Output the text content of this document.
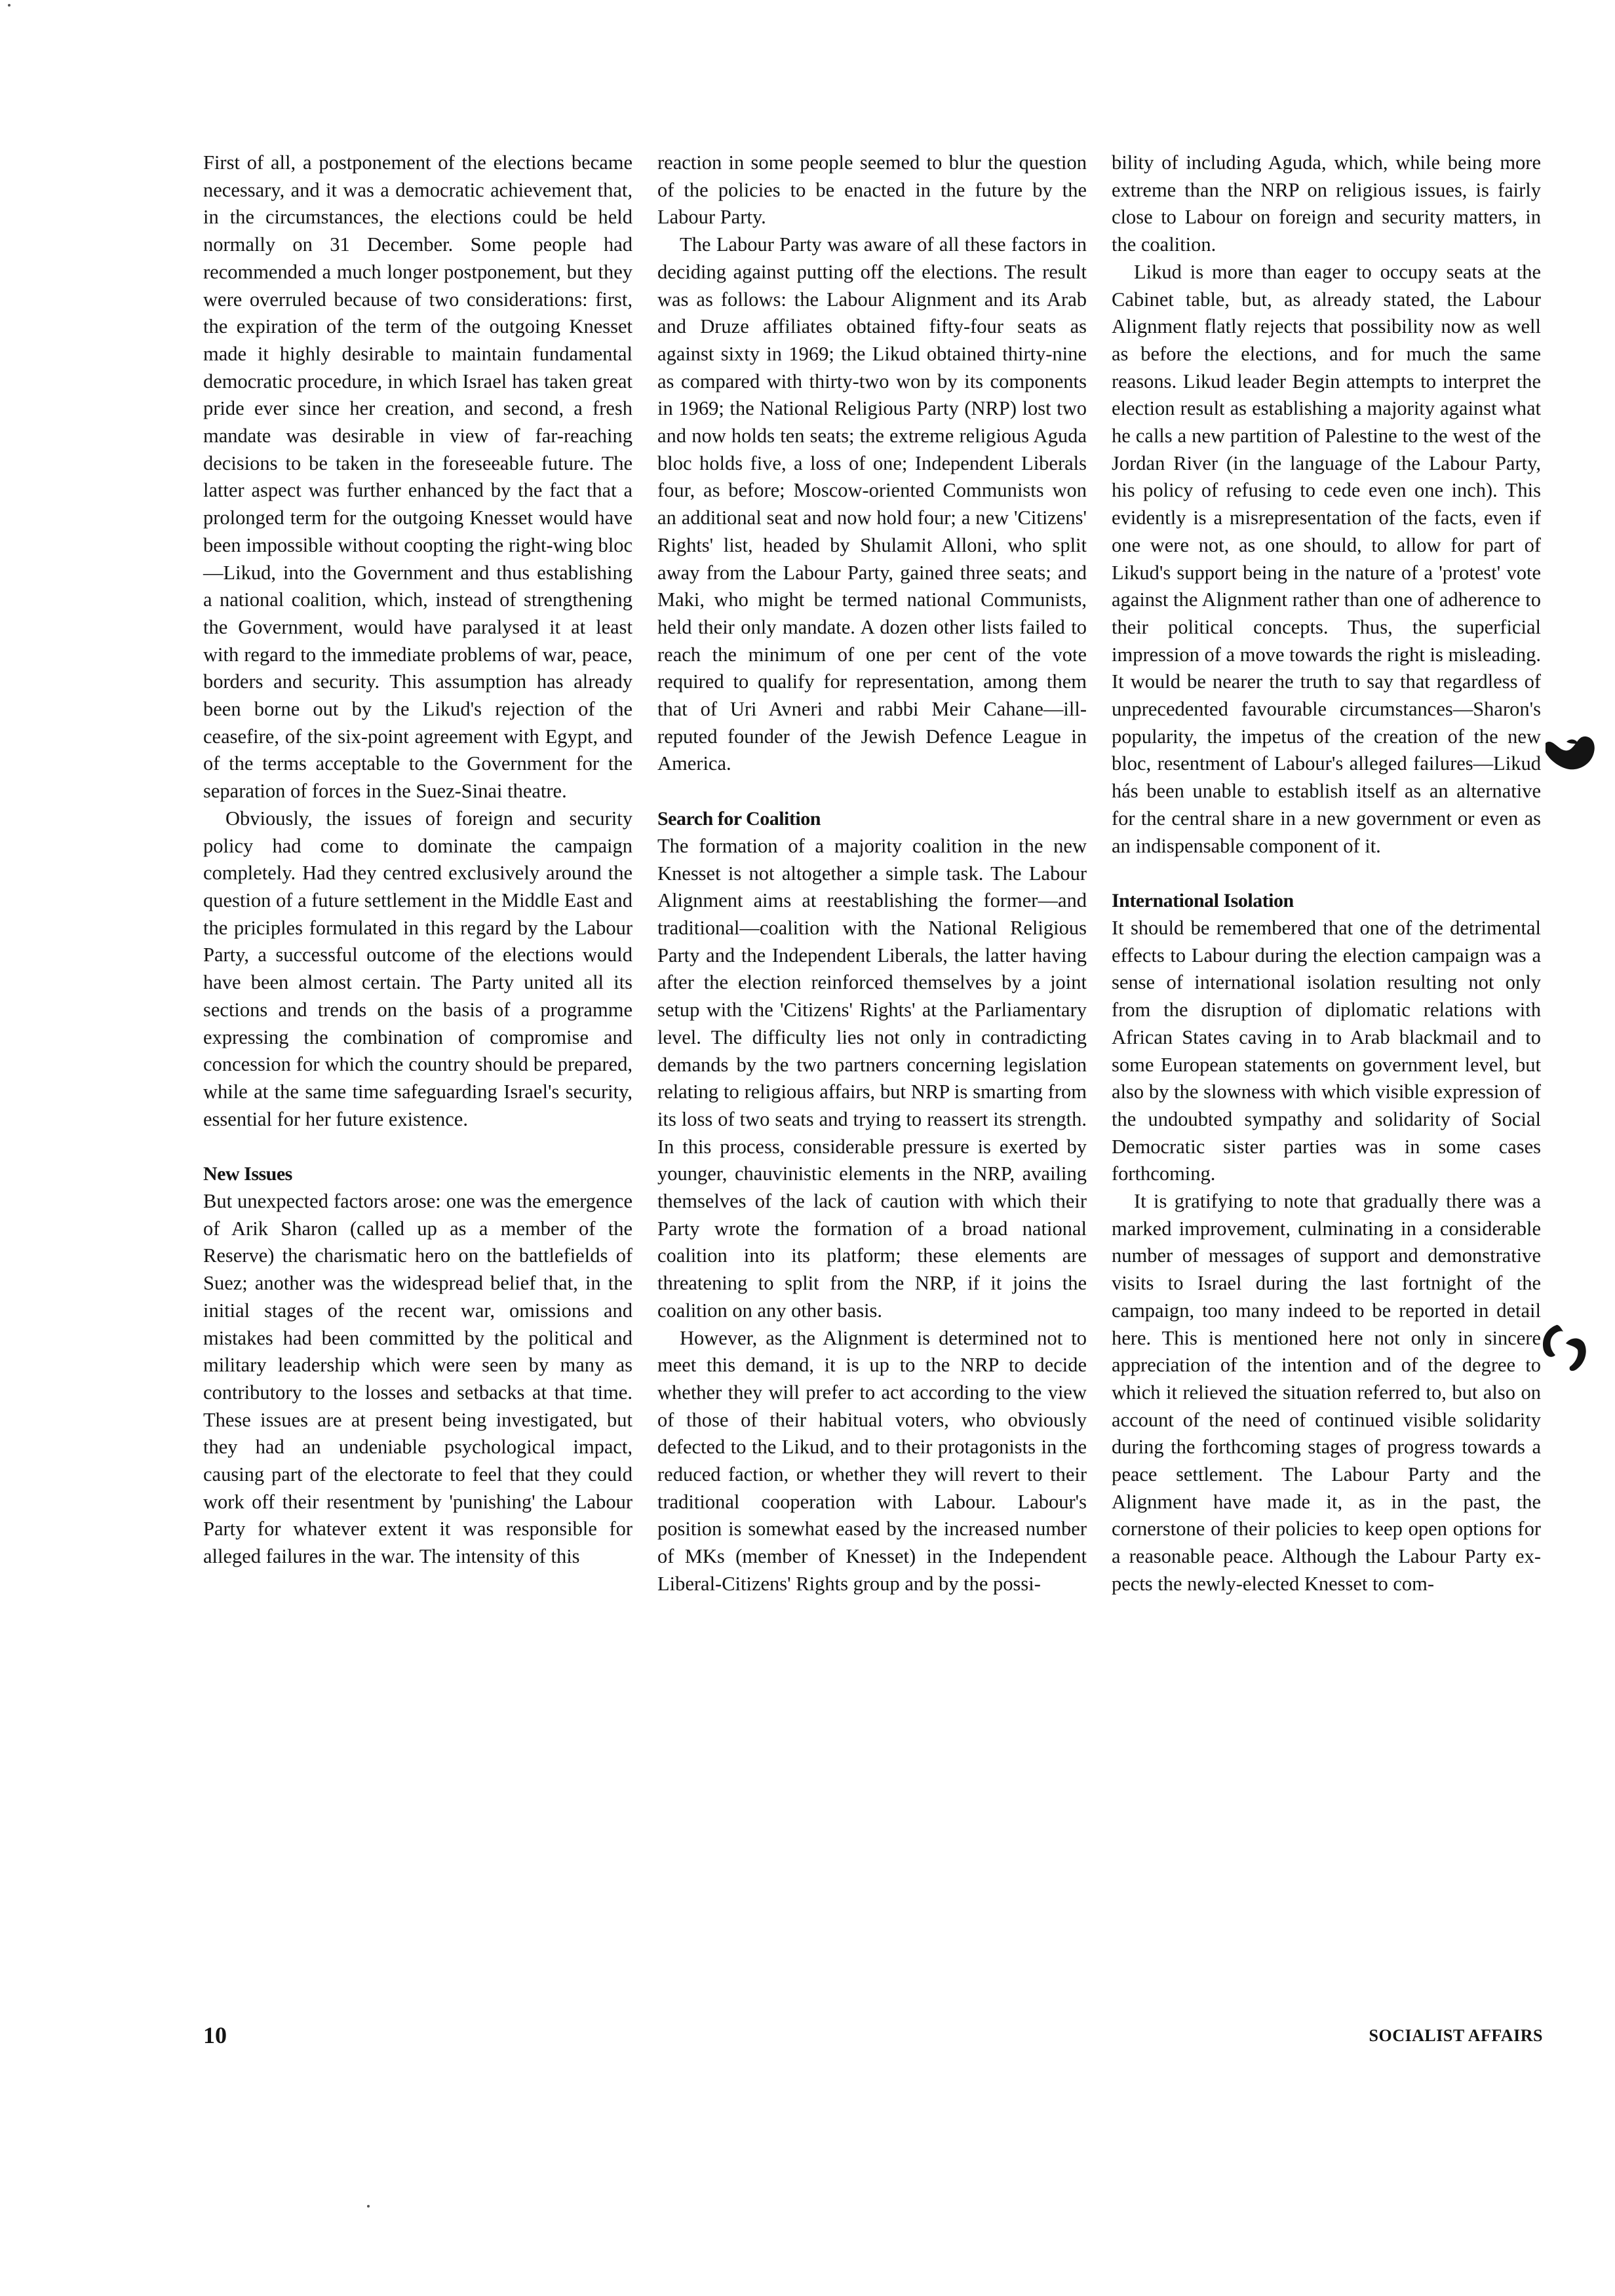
First of all, a postponement of the elections became necessary, and it was a democratic achievement that, in the circumstances, the elections could be held normally on 31 December. Some people had recommended a much longer postponement, but they were overruled because of two considerations: first, the expiration of the term of the outgoing Knesset made it highly desirable to maintain fundamental democratic procedure, in which Israel has taken great pride ever since her creation, and second, a fresh mandate was desirable in view of far-reaching decisions to be taken in the foreseeable future. The latter aspect was further enhanced by the fact that a prolonged term for the outgoing Knesset would have been impossible without coopting the right-wing bloc—Likud, into the Government and thus establishing a national coalition, which, instead of strengthening the Government, would have paralysed it at least with regard to the immediate problems of war, peace, borders and security. This assumption has already been borne out by the Likud's rejection of the ceasefire, of the six-point agreement with Egypt, and of the terms acceptable to the Government for the separation of forces in the Suez-Sinai theatre.

Obviously, the issues of foreign and security policy had come to dominate the campaign completely. Had they centred exclusively around the question of a future settlement in the Middle East and the priciples formulated in this regard by the Labour Party, a successful outcome of the elections would have been almost certain. The Party united all its sections and trends on the basis of a programme expressing the combination of compromise and concession for which the country should be prepared, while at the same time safeguarding Israel's security, essential for her future existence.

New Issues

But unexpected factors arose: one was the emergence of Arik Sharon (called up as a member of the Reserve) the charismatic hero on the battlefields of Suez; another was the widespread belief that, in the initial stages of the recent war, omissions and mistakes had been committed by the political and military leadership which were seen by many as contributory to the losses and setbacks at that time. These issues are at present being investigated, but they had an undeniable psychological impact, causing part of the electorate to feel that they could work off their resentment by 'punishing' the Labour Party for whatever extent it was responsible for alleged failures in the war. The intensity of this

reaction in some people seemed to blur the question of the policies to be enacted in the future by the Labour Party.

The Labour Party was aware of all these factors in deciding against putting off the elections. The result was as follows: the Labour Alignment and its Arab and Druze affiliates obtained fifty-four seats as against sixty in 1969; the Likud obtained thirty-nine as compared with thirty-two won by its components in 1969; the National Religious Party (NRP) lost two and now holds ten seats; the extreme religious Aguda bloc holds five, a loss of one; Independent Liberals four, as before; Moscow-oriented Communists won an additional seat and now hold four; a new 'Citizens' Rights' list, headed by Shulamit Alloni, who split away from the Labour Party, gained three seats; and Maki, who might be termed national Communists, held their only mandate. A dozen other lists failed to reach the minimum of one per cent of the vote required to qualify for representation, among them that of Uri Avneri and rabbi Meir Cahane—ill-reputed founder of the Jewish Defence League in America.

Search for Coalition

The formation of a majority coalition in the new Knesset is not altogether a simple task. The Labour Alignment aims at reestablishing the former—and traditional—coalition with the National Religious Party and the Independent Liberals, the latter having after the election reinforced themselves by a joint setup with the 'Citizens' Rights' at the Parliamentary level. The difficulty lies not only in contradicting demands by the two partners concerning legislation relating to religious affairs, but NRP is smarting from its loss of two seats and trying to reassert its strength. In this process, considerable pressure is exerted by younger, chauvinistic elements in the NRP, availing themselves of the lack of caution with which their Party wrote the formation of a broad national coalition into its platform; these elements are threatening to split from the NRP, if it joins the coalition on any other basis.

However, as the Alignment is determined not to meet this demand, it is up to the NRP to decide whether they will prefer to act according to the view of those of their habitual voters, who obviously defected to the Likud, and to their protagonists in the reduced faction, or whether they will revert to their traditional cooperation with Labour. Labour's position is somewhat eased by the increased number of MKs (member of Knesset) in the Independent Liberal-Citizens' Rights group and by the possi-

bility of including Aguda, which, while being more extreme than the NRP on religious issues, is fairly close to Labour on foreign and security matters, in the coalition.

Likud is more than eager to occupy seats at the Cabinet table, but, as already stated, the Labour Alignment flatly rejects that possibility now as well as before the elections, and for much the same reasons. Likud leader Begin attempts to interpret the election result as establishing a majority against what he calls a new partition of Palestine to the west of the Jordan River (in the language of the Labour Party, his policy of refusing to cede even one inch). This evidently is a misrepresentation of the facts, even if one were not, as one should, to allow for part of Likud's support being in the nature of a 'protest' vote against the Alignment rather than one of adherence to their political concepts. Thus, the superficial impression of a move towards the right is misleading. It would be nearer the truth to say that regardless of unprecedented favourable circumstances—Sharon's popularity, the impetus of the creation of the new bloc, resentment of Labour's alleged failures—Likud hás been unable to establish itself as an alternative for the central share in a new government or even as an indispensable component of it.

International Isolation

It should be remembered that one of the detrimental effects to Labour during the election campaign was a sense of international isolation resulting not only from the disruption of diplomatic relations with African States caving in to Arab blackmail and to some European statements on government level, but also by the slowness with which visible expression of the undoubted sympathy and solidarity of Social Democratic sister parties was in some cases forthcoming.

It is gratifying to note that gradually there was a marked improvement, culminating in a considerable number of messages of support and demonstrative visits to Israel during the last fortnight of the campaign, too many indeed to be reported in detail here. This is mentioned here not only in sincere appreciation of the intention and of the degree to which it relieved the situation referred to, but also on account of the need of continued visible solidarity during the forthcoming stages of progress towards a peace settlement. The Labour Party and the Alignment have made it, as in the past, the cornerstone of their policies to keep open options for a reasonable peace. Although the Labour Party expects the newly-elected Knesset to com-

10	SOCIALIST AFFAIRS
